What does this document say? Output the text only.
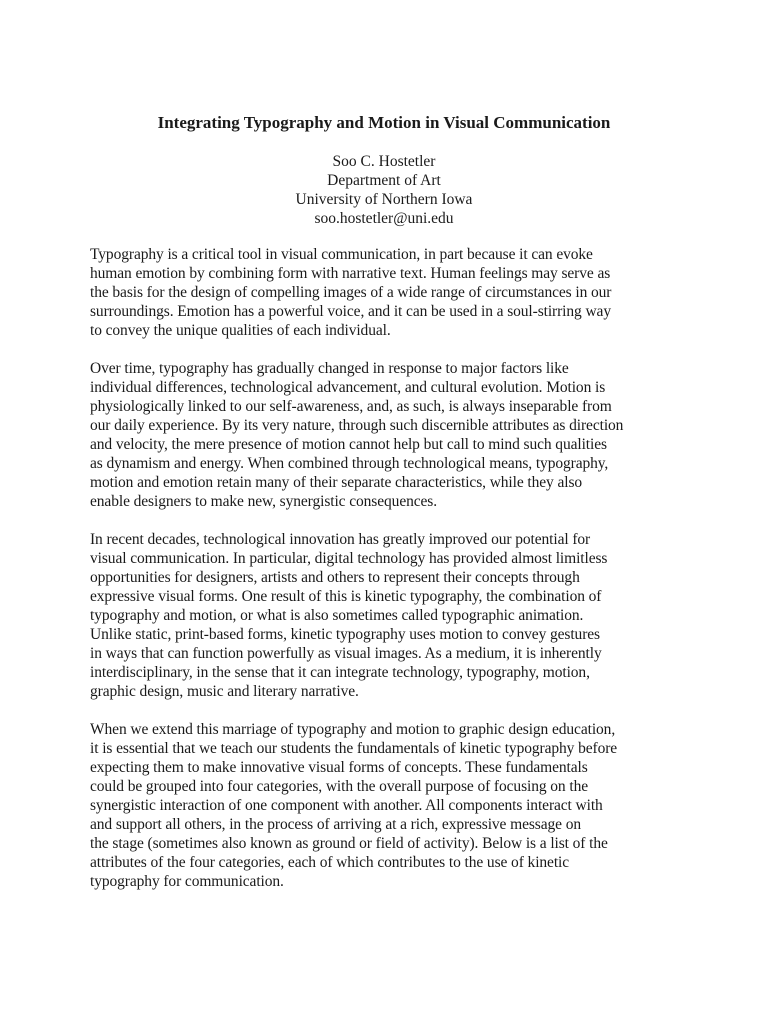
Integrating Typography and Motion in Visual Communication
Soo C. Hostetler
Department of Art
University of Northern Iowa
soo.hostetler@uni.edu

Typography is a critical tool in visual communication, in part because it can evoke
human emotion by combining form with narrative text. Human feelings may serve as
the basis for the design of compelling images of a wide range of circumstances in our
surroundings. Emotion has a powerful voice, and it can be used in a soul-stirring way
to convey the unique qualities of each individual.

Over time, typography has gradually changed in response to major factors like
individual differences, technological advancement, and cultural evolution. Motion is
physiologically linked to our self-awareness, and, as such, is always inseparable from
our daily experience. By its very nature, through such discernible attributes as direction
and velocity, the mere presence of motion cannot help but call to mind such qualities
as dynamism and energy. When combined through technological means, typography,
motion and emotion retain many of their separate characteristics, while they also
enable designers to make new, synergistic consequences.

In recent decades, technological innovation has greatly improved our potential for
visual communication. In particular, digital technology has provided almost limitless
opportunities for designers, artists and others to represent their concepts through
expressive visual forms. One result of this is kinetic typography, the combination of
typography and motion, or what is also sometimes called typographic animation.
Unlike static, print-based forms, kinetic typography uses motion to convey gestures
in ways that can function powerfully as visual images. As a medium, it is inherently
interdisciplinary, in the sense that it can integrate technology, typography, motion,
graphic design, music and literary narrative.

When we extend this marriage of typography and motion to graphic design education,
it is essential that we teach our students the fundamentals of kinetic typography before
expecting them to make innovative visual forms of concepts. These fundamentals
could be grouped into four categories, with the overall purpose of focusing on the
synergistic interaction of one component with another. All components interact with
and support all others, in the process of arriving at a rich, expressive message on
the stage (sometimes also known as ground or field of activity). Below is a list of the
attributes of the four categories, each of which contributes to the use of kinetic
typography for communication.
